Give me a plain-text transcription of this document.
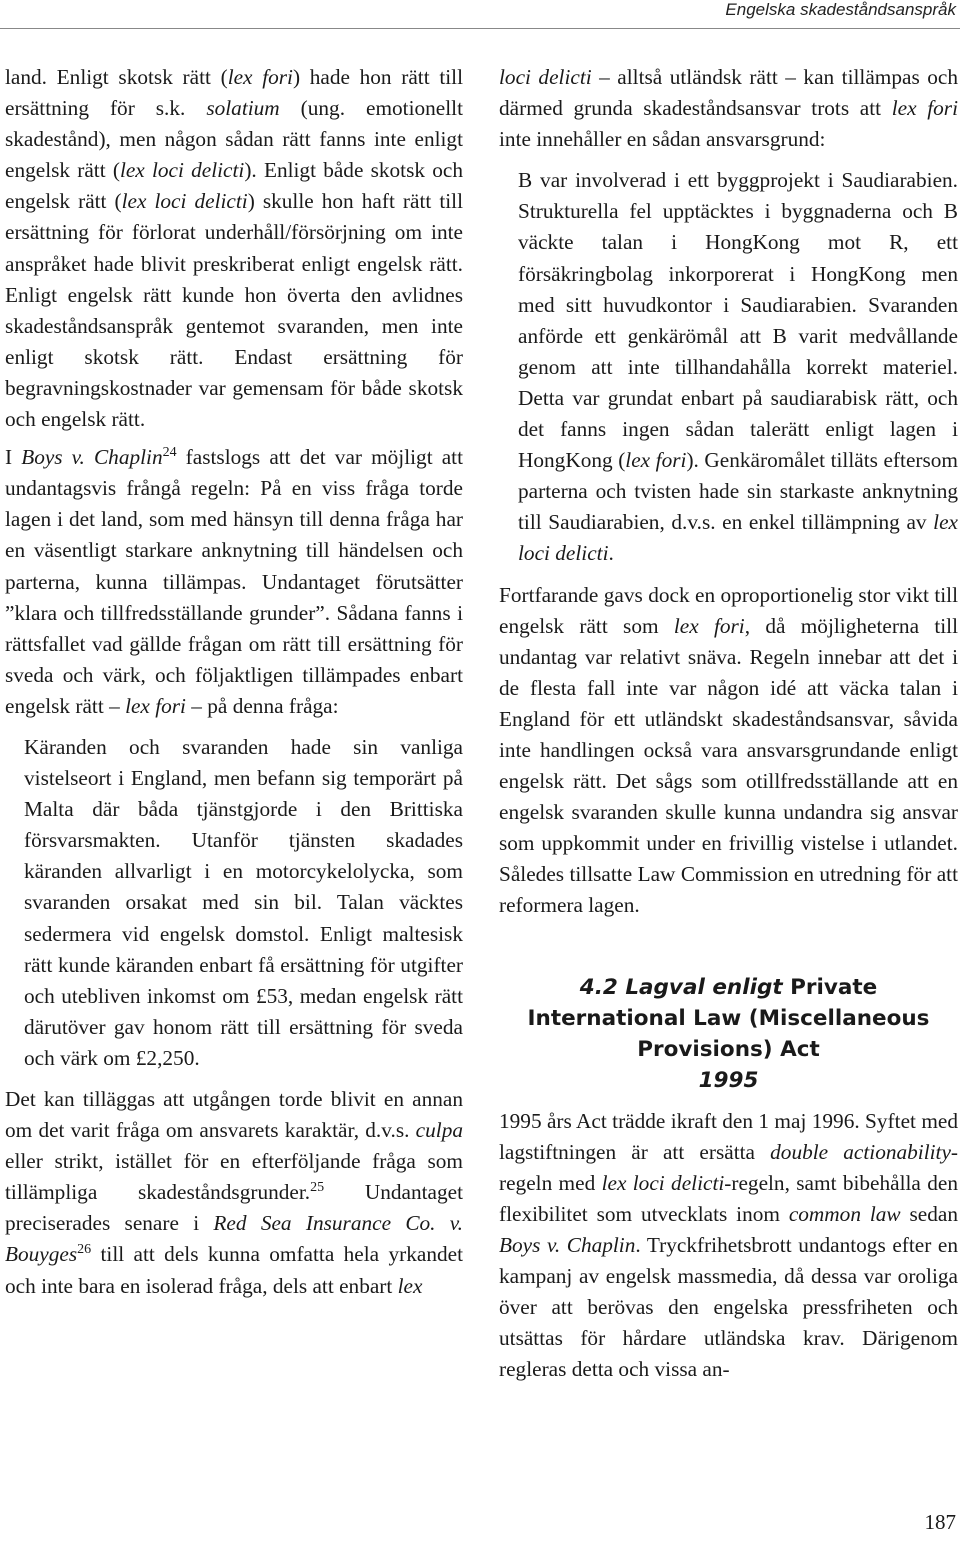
Engelska skadeståndsanspråk

land. Enligt skotsk rätt (lex fori) hade hon rätt till ersättning för s.k. solatium (ung. emotionellt skadestånd), men någon sådan rätt fanns inte enligt engelsk rätt (lex loci delicti). Enligt både skotsk och engelsk rätt (lex loci delicti) skulle hon haft rätt till ersättning för förlorat underhåll/försörjning om inte anspråket hade blivit preskriberat enligt engelsk rätt. Enligt engelsk rätt kunde hon överta den avlidnes skadeståndsanspråk gentemot svaranden, men inte enligt skotsk rätt. Endast ersättning för begravningskostnader var gemensam för både skotsk och engelsk rätt.

I Boys v. Chaplin$^{24}$ fastslogs att det var möjligt att undantagsvis frångå regeln: På en viss fråga torde lagen i det land, som med hänsyn till denna fråga har en väsentligt starkare anknytning till händelsen och parterna, kunna tillämpas. Undantaget förutsätter ”klara och tillfredsställande grunder”. Sådana fanns i rättsfallet vad gällde frågan om rätt till ersättning för sveda och värk, och följaktligen tillämpades enbart engelsk rätt – lex fori – på denna fråga:

Käranden och svaranden hade sin vanliga vistelseort i England, men befann sig temporärt på Malta där båda tjänstgjorde i den Brittiska försvarsmakten. Utanför tjänsten skadades käranden allvarligt i en motorcykelolycka, som svaranden orsakat med sin bil. Talan väcktes sedermera vid engelsk domstol. Enligt maltesisk rätt kunde käranden enbart få ersättning för utgifter och utebliven inkomst om £53, medan engelsk rätt därutöver gav honom rätt till ersättning för sveda och värk om £2,250.

Det kan tilläggas att utgången torde blivit en annan om det varit fråga om ansvarets karaktär, d.v.s. culpa eller strikt, istället för en efterföljande fråga som tillämpliga skadeståndsgrunder.$^{25}$ Undantaget preciserades senare i Red Sea Insurance Co. v. Bouyges$^{26}$ till att dels kunna omfatta hela yrkandet och inte bara en isolerad fråga, dels att enbart lex

loci delicti – alltså utländsk rätt – kan tillämpas och därmed grunda skadeståndsansvar trots att lex fori inte innehåller en sådan ansvarsgrund:

B var involverad i ett byggprojekt i Saudiarabien. Strukturella fel upptäcktes i byggnaderna och B väckte talan i HongKong mot R, ett försäkringbolag inkorporerat i HongKong men med sitt huvudkontor i Saudiarabien. Svaranden anförde ett genkärömål att B varit medvållande genom att inte tillhandahålla korrekt materiel. Detta var grundat enbart på saudiarabisk rätt, och det fanns ingen sådan talerätt enligt lagen i HongKong (lex fori). Genkäromålet tilläts eftersom parterna och tvisten hade sin starkaste anknytning till Saudiarabien, d.v.s. en enkel tillämpning av lex loci delicti.

Fortfarande gavs dock en oproportionelig stor vikt till engelsk rätt som lex fori, då möjligheterna till undantag var relativt snäva. Regeln innebar att det i de flesta fall inte var någon idé att väcka talan i England för ett utländskt skadeståndsansvar, såvida inte handlingen också vara ansvarsgrundande enligt engelsk rätt. Det sågs som otillfredsställande att en engelsk svaranden skulle kunna undandra sig ansvar som uppkommit under en frivillig vistelse i utlandet. Således tillsatte Law Commission en utredning för att reformera lagen.

4.2 Lagval enligt Private International Law (Miscellaneous Provisions) Act
1995

1995 års Act trädde ikraft den 1 maj 1996. Syftet med lagstiftningen är att ersätta double actionability-regeln med lex loci delicti-regeln, samt bibehålla den flexibilitet som utvecklats inom common law sedan Boys v. Chaplin. Tryckfrihetsbrott undantogs efter en kampanj av engelsk massmedia, då dessa var oroliga över att berövas den engelska pressfriheten och utsättas för hårdare utländska krav. Därigenom regleras detta och vissa an-

187
